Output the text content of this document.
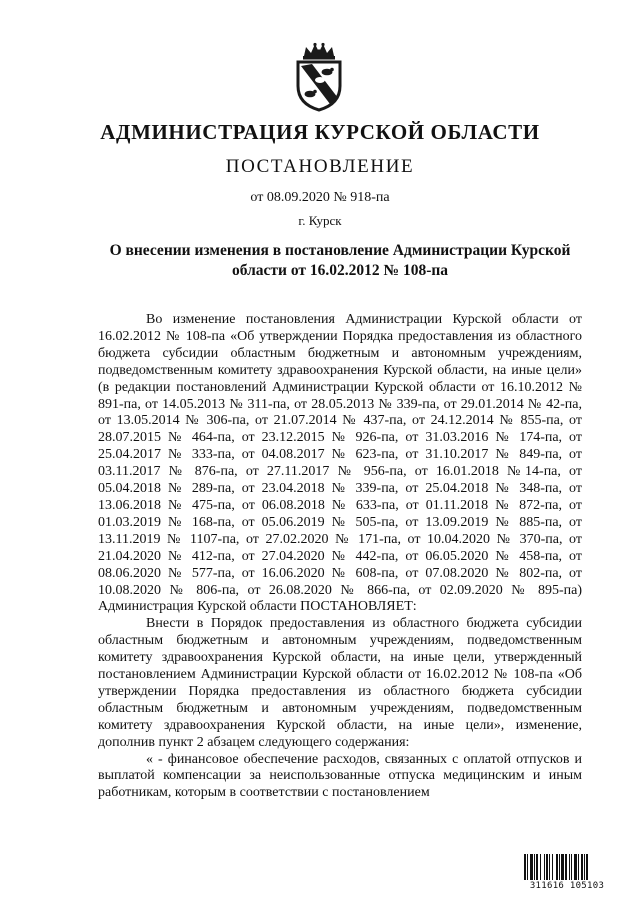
АДМИНИСТРАЦИЯ КУРСКОЙ ОБЛАСТИ
ПОСТАНОВЛЕНИЕ
от 08.09.2020 № 918-па
г. Курск
О внесении изменения в постановление Администрации Курской области от 16.02.2012 № 108-па

Во изменение постановления Администрации Курской области от 16.02.2012 № 108-па «Об утверждении Порядка предоставления из областного бюджета субсидии областным бюджетным и автономным учреждениям, подведомственным комитету здравоохранения Курской области, на иные цели» (в редакции постановлений Администрации Курской области от 16.10.2012 № 891-па, от 14.05.2013 № 311-па, от 28.05.2013 № 339-па, от 29.01.2014 № 42-па, от 13.05.2014 № 306-па, от 21.07.2014 № 437-па, от 24.12.2014 № 855-па, от 28.07.2015 № 464-па, от 23.12.2015 № 926-па, от 31.03.2016 № 174-па, от 25.04.2017 № 333-па, от 04.08.2017 № 623-па, от 31.10.2017 № 849-па, от 03.11.2017 № 876-па, от 27.11.2017 № 956-па, от 16.01.2018 №14-па, от 05.04.2018 № 289-па, от 23.04.2018 № 339-па, от 25.04.2018 № 348-па, от 13.06.2018 № 475-па, от 06.08.2018 № 633-па, от 01.11.2018 № 872-па, от 01.03.2019 № 168-па, от 05.06.2019 № 505-па, от 13.09.2019 № 885-па, от 13.11.2019 № 1107-па, от 27.02.2020 № 171-па, от 10.04.2020 № 370-па, от 21.04.2020 № 412-па, от 27.04.2020 № 442-па, от 06.05.2020 № 458-па, от 08.06.2020 № 577-па, от 16.06.2020 № 608-па, от 07.08.2020 № 802-па, от 10.08.2020 № 806-па, от 26.08.2020 № 866-па, от 02.09.2020 № 895-па) Администрация Курской области ПОСТАНОВЛЯЕТ:

Внести в Порядок предоставления из областного бюджета субсидии областным бюджетным и автономным учреждениям, подведомственным комитету здравоохранения Курской области, на иные цели, утвержденный постановлением Администрации Курской области от 16.02.2012 № 108-па «Об утверждении Порядка предоставления из областного бюджета субсидии областным бюджетным и автономным учреждениям, подведомственным комитету здравоохранения Курской области, на иные цели», изменение, дополнив пункт 2 абзацем следующего содержания:

« - финансовое обеспечение расходов, связанных с оплатой отпусков и выплатой компенсации за неиспользованные отпуска медицинским и иным работникам, которым в соответствии с постановлением

311616 105103
